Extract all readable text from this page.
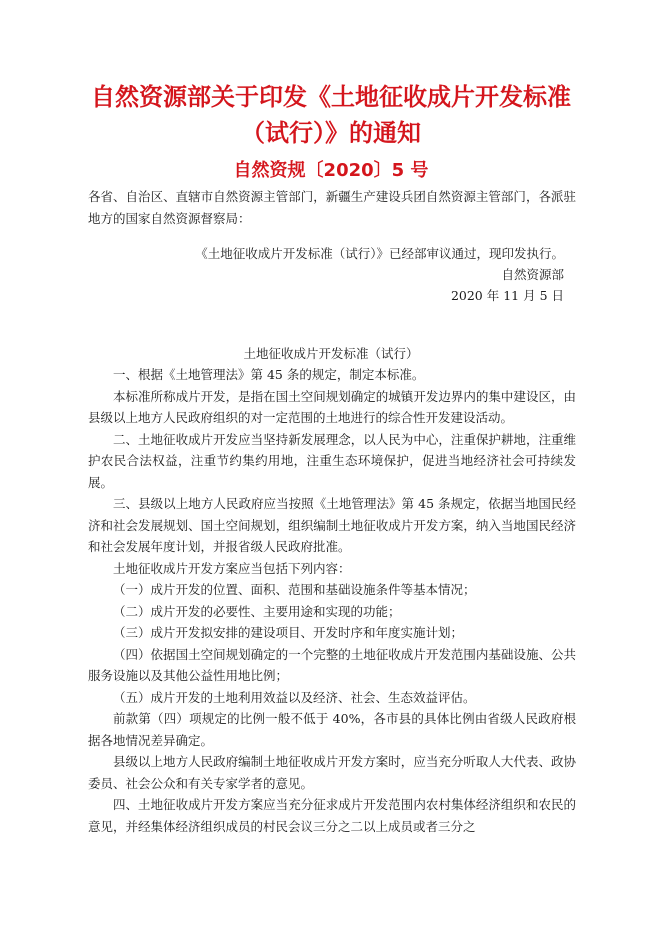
自然资源部关于印发《土地征收成片开发标准
（试行）》的通知
自然资规〔2020〕5 号
各省、自治区、直辖市自然资源主管部门，新疆生产建设兵团自然资源主管部门，各派驻地方的国家自然资源督察局：
《土地征收成片开发标准（试行）》已经部审议通过，现印发执行。
自然资源部
2020 年 11 月 5 日
土地征收成片开发标准（试行）

一、根据《土地管理法》第 45 条的规定，制定本标准。

本标准所称成片开发，是指在国土空间规划确定的城镇开发边界内的集中建设区，由县级以上地方人民政府组织的对一定范围的土地进行的综合性开发建设活动。

二、土地征收成片开发应当坚持新发展理念，以人民为中心，注重保护耕地，注重维护农民合法权益，注重节约集约用地，注重生态环境保护，促进当地经济社会可持续发展。

三、县级以上地方人民政府应当按照《土地管理法》第 45 条规定，依据当地国民经济和社会发展规划、国土空间规划，组织编制土地征收成片开发方案，纳入当地国民经济和社会发展年度计划，并报省级人民政府批准。

土地征收成片开发方案应当包括下列内容：

（一）成片开发的位置、面积、范围和基础设施条件等基本情况；

（二）成片开发的必要性、主要用途和实现的功能；

（三）成片开发拟安排的建设项目、开发时序和年度实施计划；

（四）依据国土空间规划确定的一个完整的土地征收成片开发范围内基础设施、公共服务设施以及其他公益性用地比例；

（五）成片开发的土地利用效益以及经济、社会、生态效益评估。

前款第（四）项规定的比例一般不低于 40%，各市县的具体比例由省级人民政府根据各地情况差异确定。

县级以上地方人民政府编制土地征收成片开发方案时，应当充分听取人大代表、政协委员、社会公众和有关专家学者的意见。

四、土地征收成片开发方案应当充分征求成片开发范围内农村集体经济组织和农民的意见，并经集体经济组织成员的村民会议三分之二以上成员或者三分之
